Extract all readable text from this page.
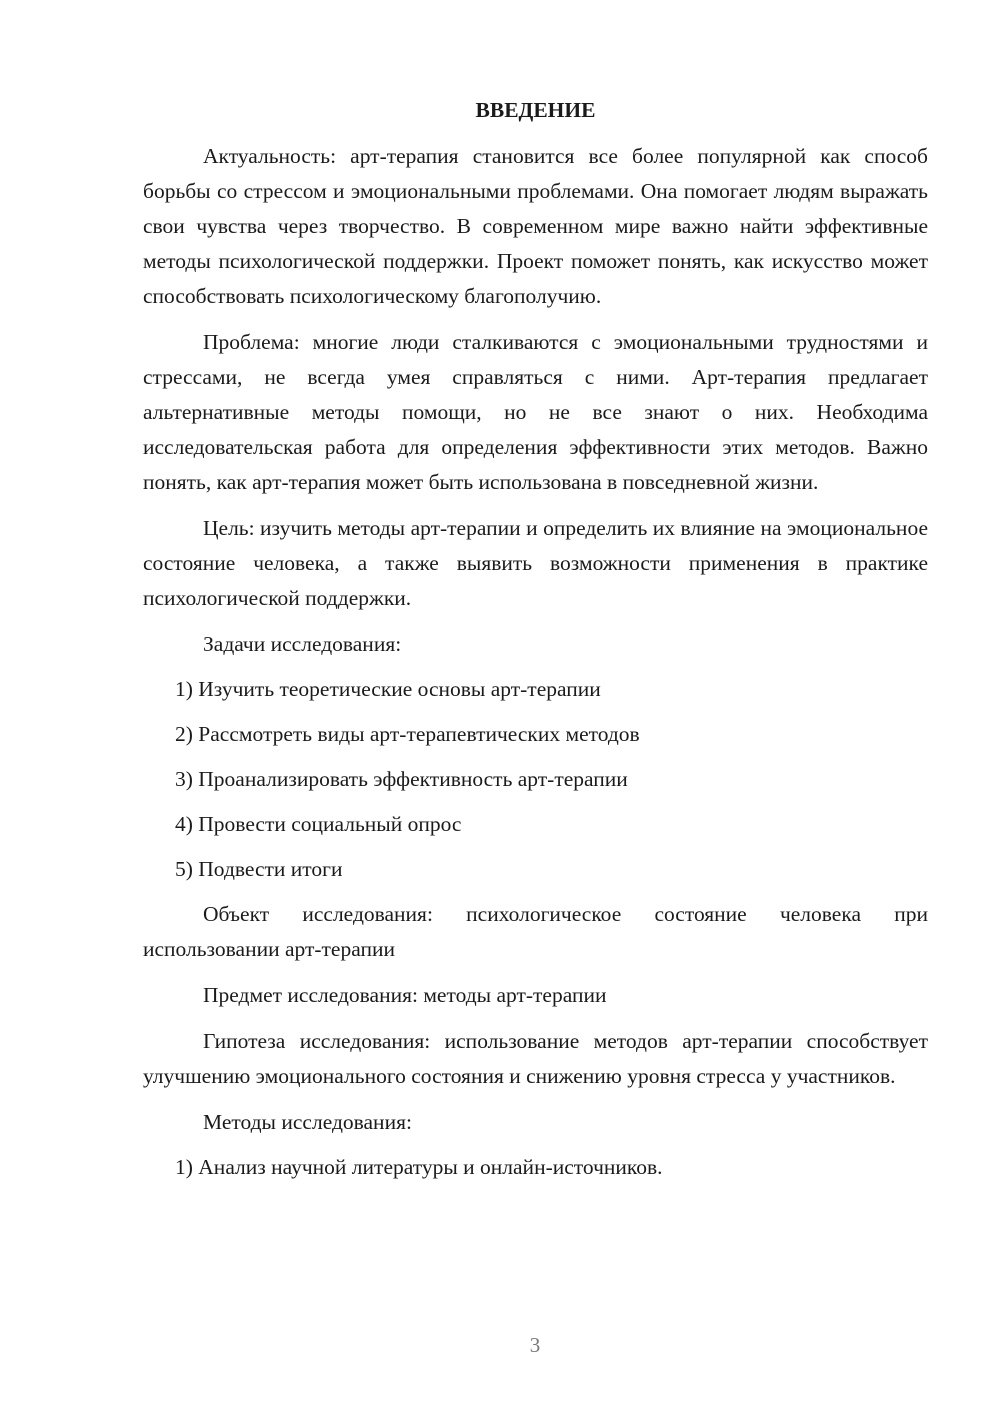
ВВЕДЕНИЕ

Актуальность: арт-терапия становится все более популярной как способ борьбы со стрессом и эмоциональными проблемами. Она помогает людям выражать свои чувства через творчество. В современном мире важно найти эффективные методы психологической поддержки. Проект поможет понять, как искусство может способствовать психологическому благополучию.

Проблема: многие люди сталкиваются с эмоциональными трудностями и стрессами, не всегда умея справляться с ними. Арт-терапия предлагает альтернативные методы помощи, но не все знают о них. Необходима исследовательская работа для определения эффективности этих методов. Важно понять, как арт-терапия может быть использована в повседневной жизни.

Цель: изучить методы арт-терапии и определить их влияние на эмоциональное состояние человека, а также выявить возможности применения в практике психологической поддержки.

Задачи исследования:

1) Изучить теоретические основы арт-терапии
2) Рассмотреть виды арт-терапевтических методов
3) Проанализировать эффективность арт-терапии
4) Провести социальный опрос
5) Подвести итоги

Объект исследования: психологическое состояние человека при использовании арт-терапии

Предмет исследования: методы арт-терапии

Гипотеза исследования: использование методов арт-терапии способствует улучшению эмоционального состояния и снижению уровня стресса у участников.

Методы исследования:

1) Анализ научной литературы и онлайн-источников.
3
